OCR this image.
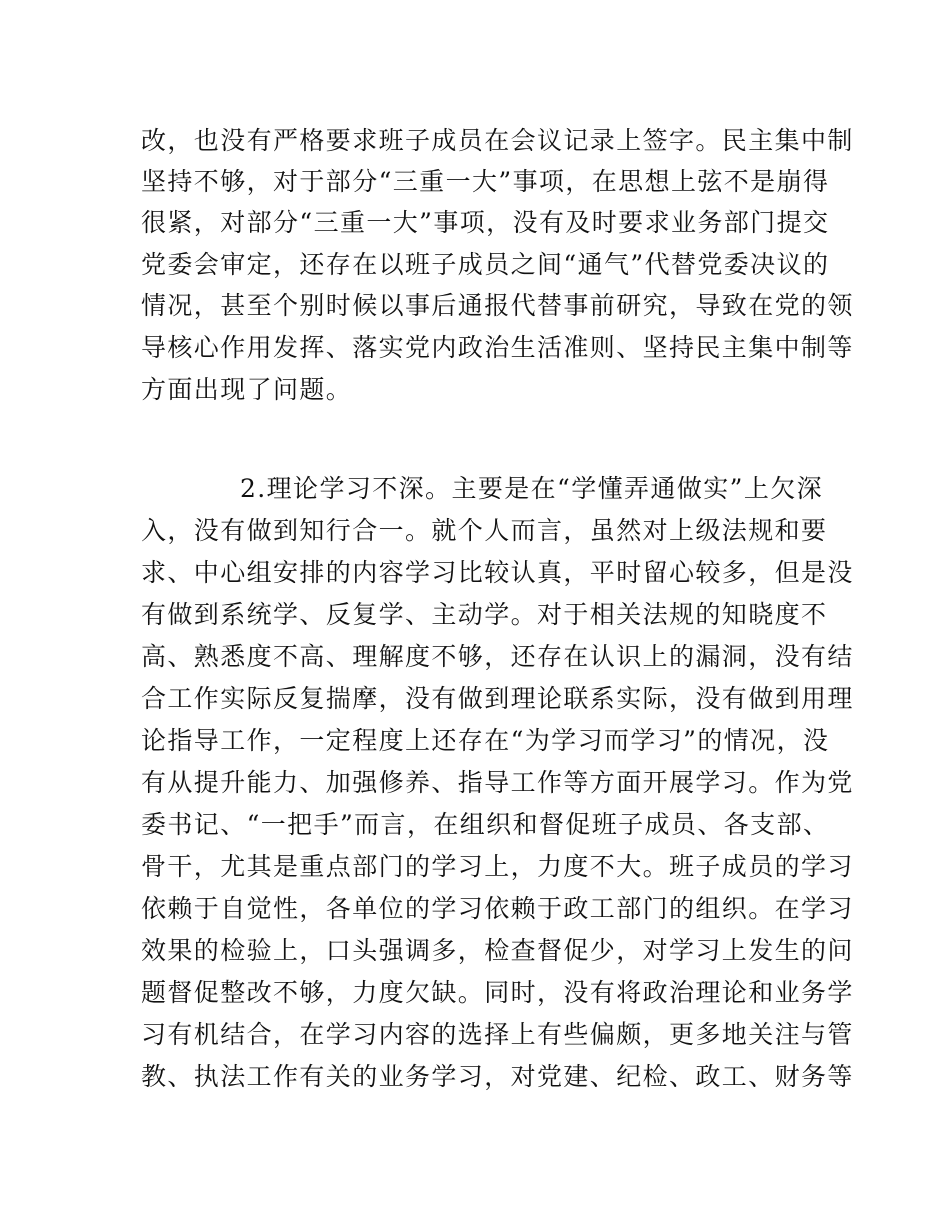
改，也没有严格要求班子成员在会议记录上签字。民主集中制
坚持不够，对于部分“三重一大”事项，在思想上弦不是崩得
很紧，对部分“三重一大”事项，没有及时要求业务部门提交
党委会审定，还存在以班子成员之间“通气”代替党委决议的
情况，甚至个别时候以事后通报代替事前研究，导致在党的领
导核心作用发挥、落实党内政治生活准则、坚持民主集中制等
方面出现了问题。
2.理论学习不深。主要是在“学懂弄通做实”上欠深
入，没有做到知行合一。就个人而言，虽然对上级法规和要
求、中心组安排的内容学习比较认真，平时留心较多，但是没
有做到系统学、反复学、主动学。对于相关法规的知晓度不
高、熟悉度不高、理解度不够，还存在认识上的漏洞，没有结
合工作实际反复揣摩，没有做到理论联系实际，没有做到用理
论指导工作，一定程度上还存在“为学习而学习”的情况，没
有从提升能力、加强修养、指导工作等方面开展学习。作为党
委书记、“一把手”而言，在组织和督促班子成员、各支部、
骨干，尤其是重点部门的学习上，力度不大。班子成员的学习
依赖于自觉性，各单位的学习依赖于政工部门的组织。在学习
效果的检验上，口头强调多，检查督促少，对学习上发生的问
题督促整改不够，力度欠缺。同时，没有将政治理论和业务学
习有机结合，在学习内容的选择上有些偏颇，更多地关注与管
教、执法工作有关的业务学习，对党建、纪检、政工、财务等
